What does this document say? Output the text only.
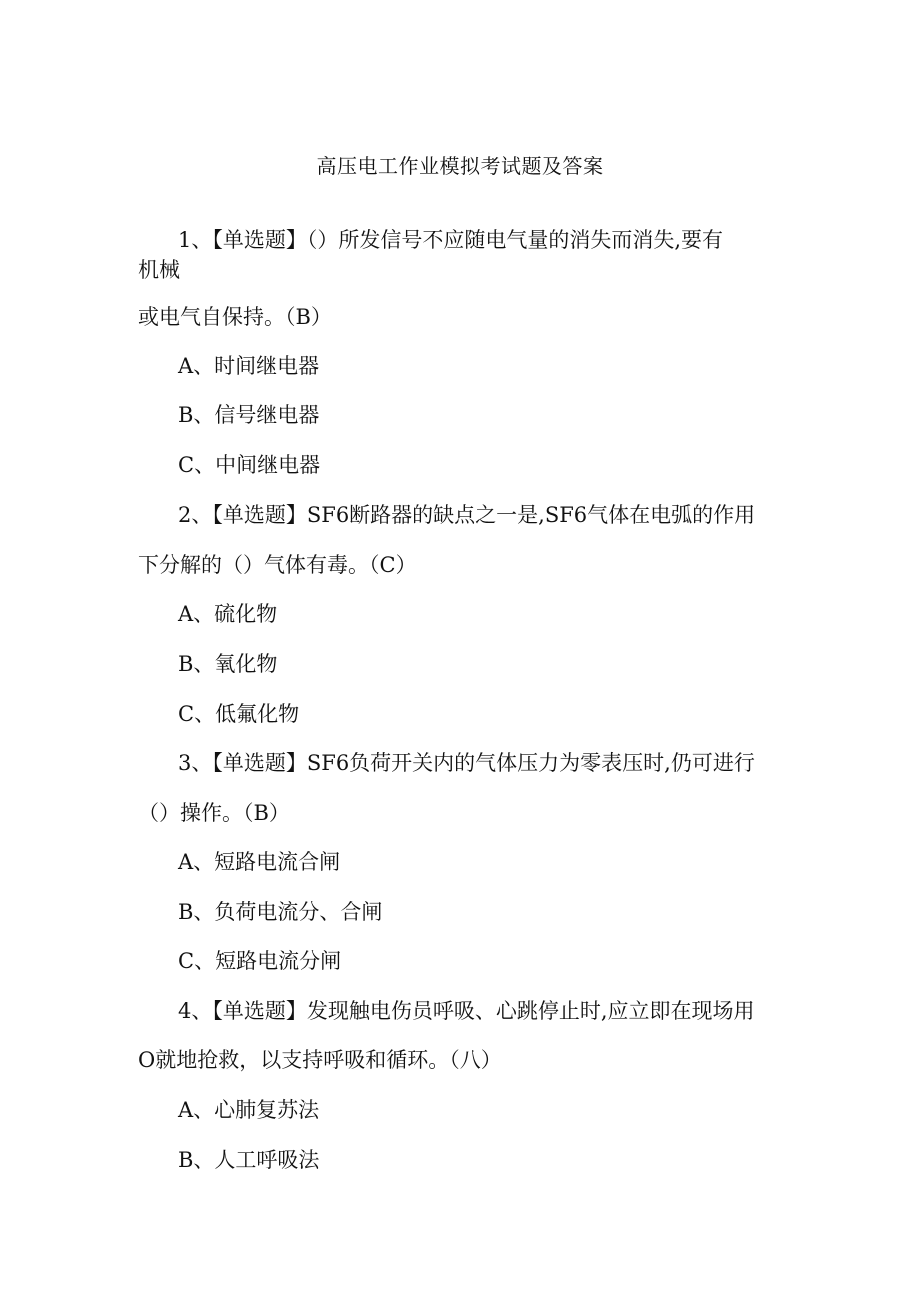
高压电工作业模拟考试题及答案
1、【单选题】（）所发信号不应随电气量的消失而消失,要有
机械
或电气自保持。（B）
A、时间继电器
B、信号继电器
C、中间继电器
2、【单选题】SF6断路器的缺点之一是,SF6气体在电弧的作用
下分解的（）气体有毒。（C）
A、硫化物
B、氧化物
C、低氟化物
3、【单选题】SF6负荷开关内的气体压力为零表压时,仍可进行
（）操作。（B）
A、短路电流合闸
B、负荷电流分、合闸
C、短路电流分闸
4、【单选题】发现触电伤员呼吸、心跳停止时,应立即在现场用
O就地抢救，以支持呼吸和循环。（八）
A、心肺复苏法
B、人工呼吸法
